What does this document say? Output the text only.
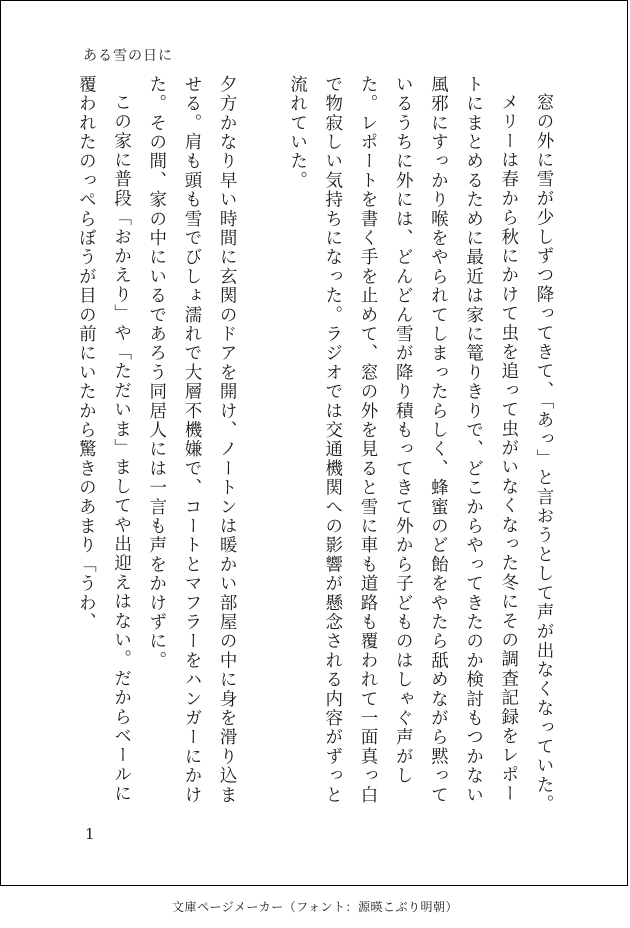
ある雪の日に

窓の外に雪が少しずつ降ってきて、「あっ」と言おうとして声が出なくなっていた。

メリーは春から秋にかけて虫を追って虫がいなくなった冬にその調査記録をレポートにまとめるために最近は家に篭りきりで、どこからやってきたのか検討もつかない風邪にすっかり喉をやられてしまったらしく、蜂蜜のど飴をやたら舐めながら黙っているうちに外には、どんどん雪が降り積もってきて外から子どものはしゃぐ声がした。レポートを書く手を止めて、窓の外を見ると雪に車も道路も覆われて一面真っ白で物寂しい気持ちになった。ラジオでは交通機関への影響が懸念される内容がずっと流れていた。

夕方かなり早い時間に玄関のドアを開け、ノートンは暖かい部屋の中に身を滑り込ませる。肩も頭も雪でびしょ濡れで大層不機嫌で、コートとマフラーをハンガーにかけた。その間、家の中にいるであろう同居人には一言も声をかけずに。

この家に普段「おかえり」や「ただいま」ましてや出迎えはない。だからベールに覆われたのっぺらぼうが目の前にいたから驚きのあまり「うわ、

1
文庫ページメーカー（フォント：源暎こぶり明朝）
